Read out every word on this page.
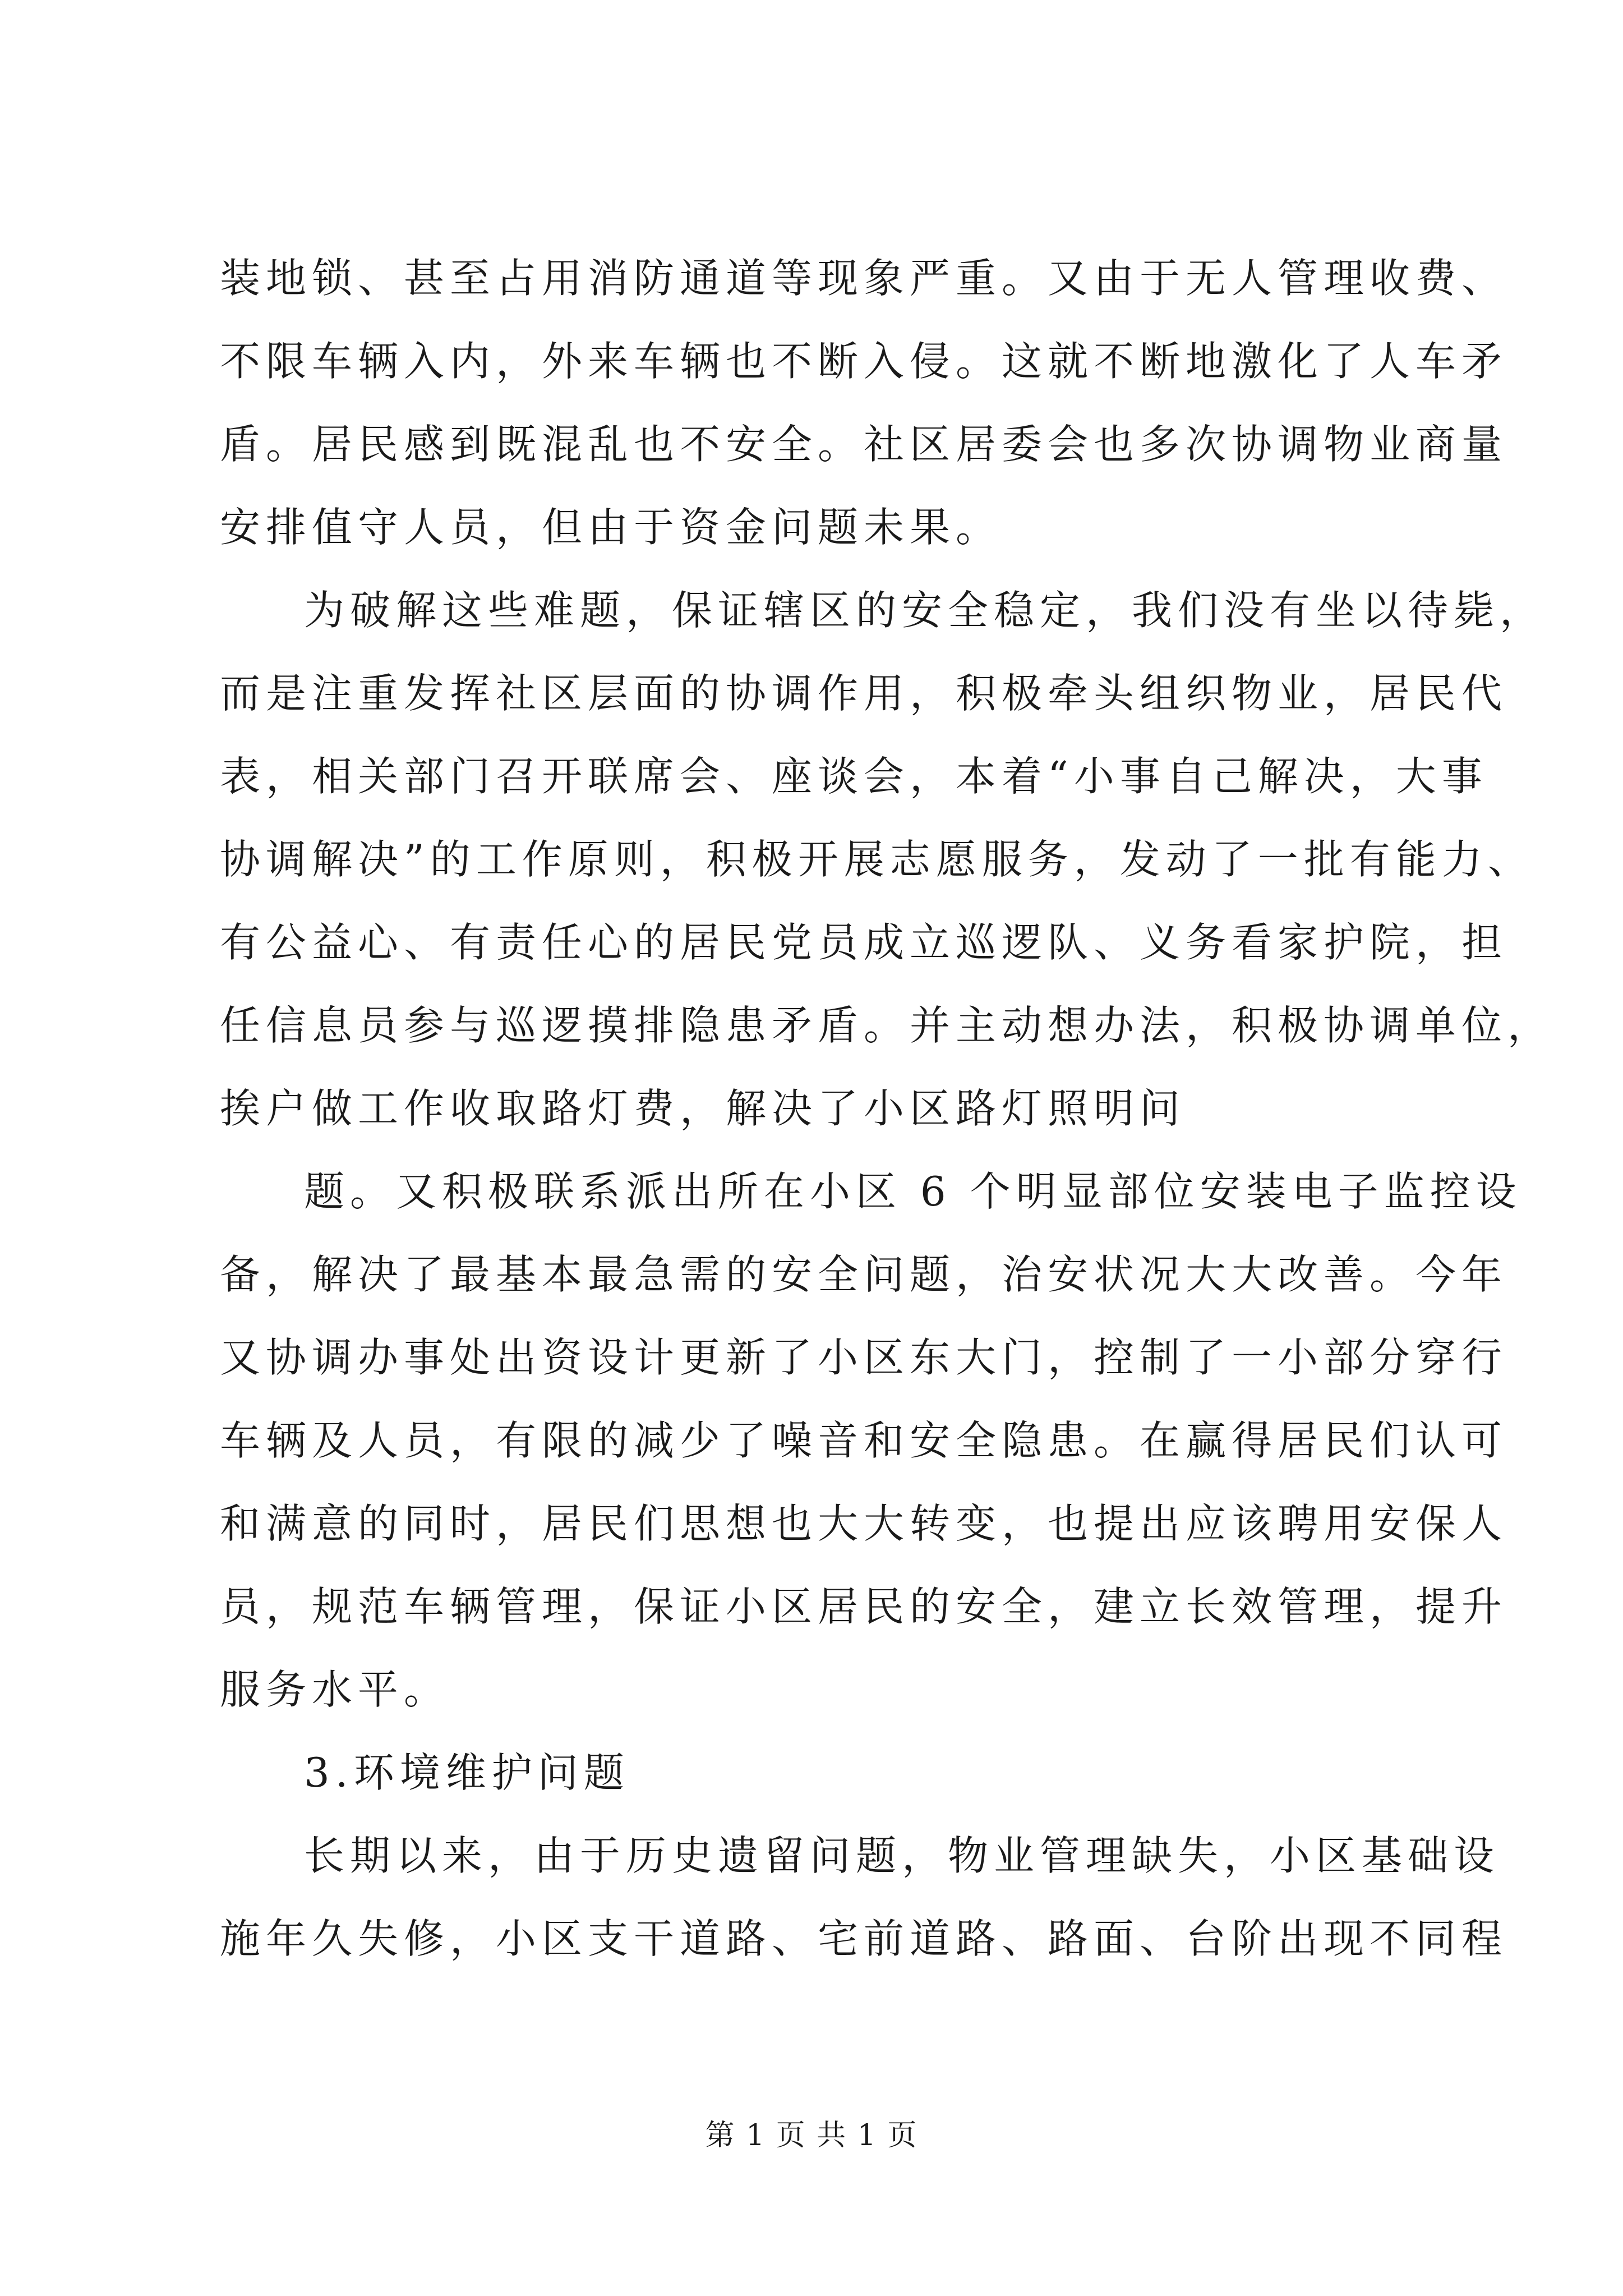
装地锁、甚至占用消防通道等现象严重。又由于无人管理收费、
不限车辆入内，外来车辆也不断入侵。这就不断地激化了人车矛
盾。居民感到既混乱也不安全。社区居委会也多次协调物业商量
安排值守人员，但由于资金问题未果。
为破解这些难题，保证辖区的安全稳定，我们没有坐以待毙，
而是注重发挥社区层面的协调作用，积极牵头组织物业，居民代
表，相关部门召开联席会、座谈会，本着“小事自己解决，大事
协调解决”的工作原则，积极开展志愿服务，发动了一批有能力、
有公益心、有责任心的居民党员成立巡逻队、义务看家护院，担
任信息员参与巡逻摸排隐患矛盾。并主动想办法，积极协调单位，
挨户做工作收取路灯费，解决了小区路灯照明问
题。又积极联系派出所在小区 6 个明显部位安装电子监控设
备，解决了最基本最急需的安全问题，治安状况大大改善。今年
又协调办事处出资设计更新了小区东大门，控制了一小部分穿行
车辆及人员，有限的减少了噪音和安全隐患。在赢得居民们认可
和满意的同时，居民们思想也大大转变，也提出应该聘用安保人
员，规范车辆管理，保证小区居民的安全，建立长效管理，提升
服务水平。
3.环境维护问题
长期以来，由于历史遗留问题，物业管理缺失，小区基础设
施年久失修，小区支干道路、宅前道路、路面、台阶出现不同程
第 1 页 共 1 页
